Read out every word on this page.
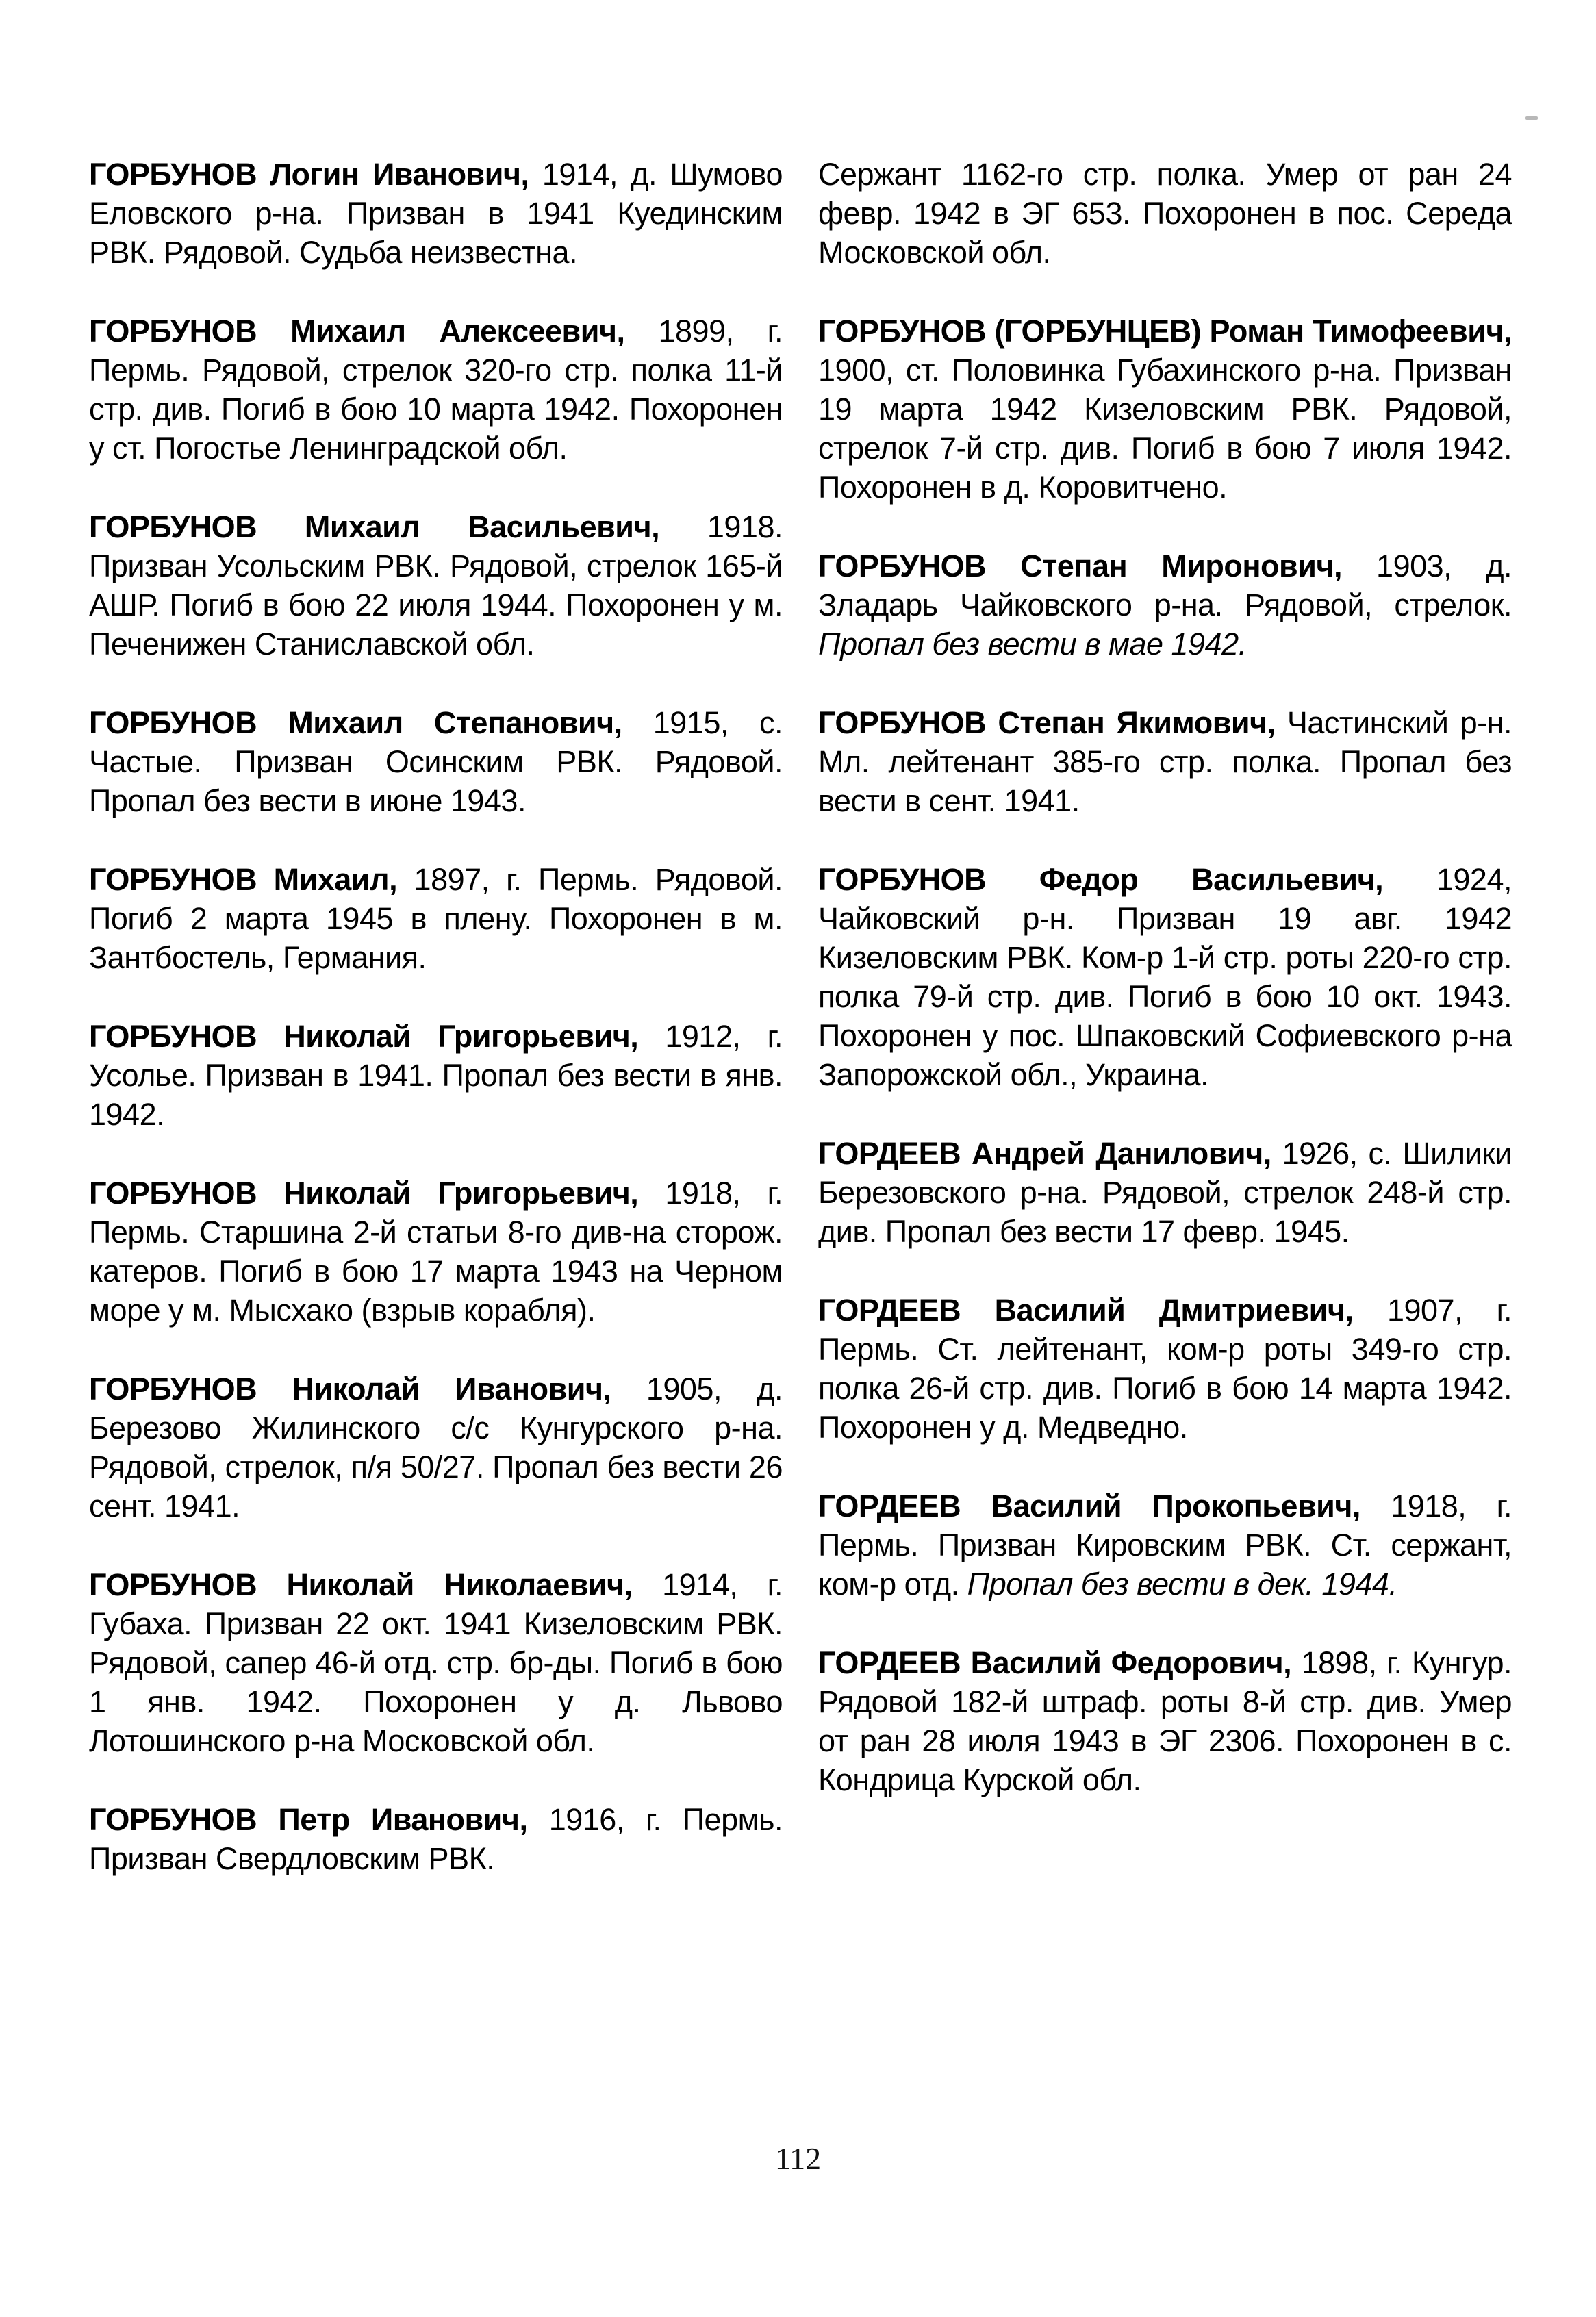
ГОРБУНОВ Логин Иванович, 1914, д. Шумово Еловского р-на. Призван в 1941 Куединским РВК. Рядовой. Судьба неизвестна.

ГОРБУНОВ Михаил Алексеевич, 1899, г. Пермь. Рядовой, стрелок 320-го стр. полка 11-й стр. див. Погиб в бою 10 марта 1942. Похоронен у ст. Погостье Ленинградской обл.

ГОРБУНОВ Михаил Васильевич, 1918. Призван Усольским РВК. Рядовой, стрелок 165-й АШР. Погиб в бою 22 июля 1944. Похоронен у м. Печенижен Станиславской обл.

ГОРБУНОВ Михаил Степанович, 1915, с. Частые. Призван Осинским РВК. Рядовой. Пропал без вести в июне 1943.

ГОРБУНОВ Михаил, 1897, г. Пермь. Рядовой. Погиб 2 марта 1945 в плену. Похоронен в м. Зантбостель, Германия.

ГОРБУНОВ Николай Григорьевич, 1912, г. Усолье. Призван в 1941. Пропал без вести в янв. 1942.

ГОРБУНОВ Николай Григорьевич, 1918, г. Пермь. Старшина 2-й статьи 8-го див-на сторож. катеров. Погиб в бою 17 марта 1943 на Черном море у м. Мысхако (взрыв корабля).

ГОРБУНОВ Николай Иванович, 1905, д. Березово Жилинского с/с Кунгурского р-на. Рядовой, стрелок, п/я 50/27. Пропал без вести 26 сент. 1941.

ГОРБУНОВ Николай Николаевич, 1914, г. Губаха. Призван 22 окт. 1941 Кизеловским РВК. Рядовой, сапер 46-й отд. стр. бр-ды. Погиб в бою 1 янв. 1942. Похоронен у д. Львово Лотошинского р-на Московской обл.

ГОРБУНОВ Петр Иванович, 1916, г. Пермь. Призван Свердловским РВК.

Сержант 1162-го стр. полка. Умер от ран 24 февр. 1942 в ЭГ 653. Похоронен в пос. Середа Московской обл.

ГОРБУНОВ (ГОРБУНЦЕВ) Роман Тимофеевич, 1900, ст. Половинка Губахинского р-на. Призван 19 марта 1942 Кизеловским РВК. Рядовой, стрелок 7-й стр. див. Погиб в бою 7 июля 1942. Похоронен в д. Коровитчено.

ГОРБУНОВ Степан Миронович, 1903, д. Зладарь Чайковского р-на. Рядовой, стрелок. Пропал без вести в мае 1942.

ГОРБУНОВ Степан Якимович, Частинский р-н. Мл. лейтенант 385-го стр. полка. Пропал без вести в сент. 1941.

ГОРБУНОВ Федор Васильевич, 1924, Чайковский р-н. Призван 19 авг. 1942 Кизеловским РВК. Ком-р 1-й стр. роты 220-го стр. полка 79-й стр. див. Погиб в бою 10 окт. 1943. Похоронен у пос. Шпаковский Софиевского р-на Запорожской обл., Украина.

ГОРДЕЕВ Андрей Данилович, 1926, с. Шилики Березовского р-на. Рядовой, стрелок 248-й стр. див. Пропал без вести 17 февр. 1945.

ГОРДЕЕВ Василий Дмитриевич, 1907, г. Пермь. Ст. лейтенант, ком-р роты 349-го стр. полка 26-й стр. див. Погиб в бою 14 марта 1942. Похоронен у д. Медведно.

ГОРДЕЕВ Василий Прокопьевич, 1918, г. Пермь. Призван Кировским РВК. Ст. сержант, ком-р отд. Пропал без вести в дек. 1944.

ГОРДЕЕВ Василий Федорович, 1898, г. Кунгур. Рядовой 182-й штраф. роты 8-й стр. див. Умер от ран 28 июля 1943 в ЭГ 2306. Похоронен в с. Кондрица Курской обл.

112
